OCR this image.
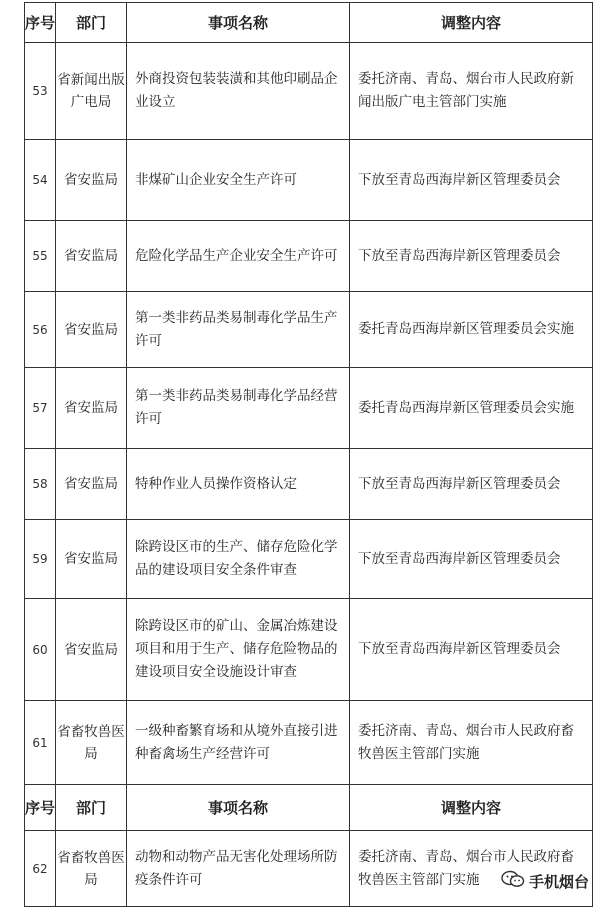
序号	部门	事项名称	调整内容
53	省新闻出版广电局	外商投资包装装潢和其他印刷品企业设立	委托济南、青岛、烟台市人民政府新闻出版广电主管部门实施
54	省安监局	非煤矿山企业安全生产许可	下放至青岛西海岸新区管理委员会
55	省安监局	危险化学品生产企业安全生产许可	下放至青岛西海岸新区管理委员会
56	省安监局	第一类非药品类易制毒化学品生产许可	委托青岛西海岸新区管理委员会实施
57	省安监局	第一类非药品类易制毒化学品经营许可	委托青岛西海岸新区管理委员会实施
58	省安监局	特种作业人员操作资格认定	下放至青岛西海岸新区管理委员会
59	省安监局	除跨设区市的生产、储存危险化学品的建设项目安全条件审查	下放至青岛西海岸新区管理委员会
60	省安监局	除跨设区市的矿山、金属冶炼建设项目和用于生产、储存危险物品的建设项目安全设施设计审查	下放至青岛西海岸新区管理委员会
61	省畜牧兽医局	一级种畜繁育场和从境外直接引进种畜禽场生产经营许可	委托济南、青岛、烟台市人民政府畜牧兽医主管部门实施
序号	部门	事项名称	调整内容
62	省畜牧兽医局	动物和动物产品无害化处理场所防疫条件许可	委托济南、青岛、烟台市人民政府畜牧兽医主管部门实施	手机烟台
